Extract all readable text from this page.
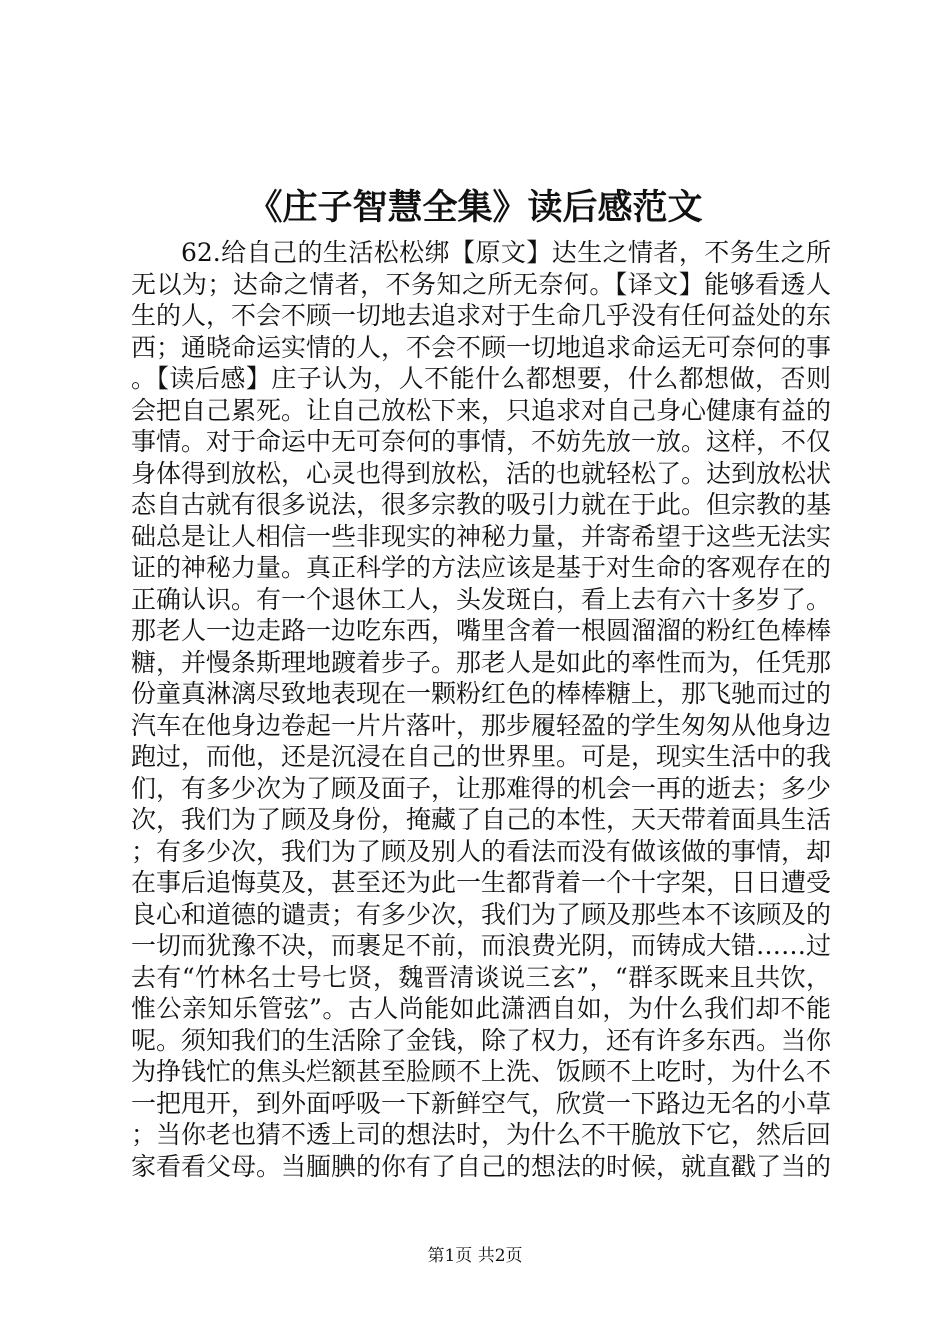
《庄子智慧全集》读后感范文

62.给自己的生活松松绑【原文】达生之情者，不务生之所无以为；达命之情者，不务知之所无奈何。【译文】能够看透人生的人，不会不顾一切地去追求对于生命几乎没有任何益处的东西；通晓命运实情的人，不会不顾一切地追求命运无可奈何的事。【读后感】庄子认为，人不能什么都想要，什么都想做，否则会把自己累死。让自己放松下来，只追求对自己身心健康有益的事情。对于命运中无可奈何的事情，不妨先放一放。这样，不仅身体得到放松，心灵也得到放松，活的也就轻松了。达到放松状态自古就有很多说法，很多宗教的吸引力就在于此。但宗教的基础总是让人相信一些非现实的神秘力量，并寄希望于这些无法实证的神秘力量。真正科学的方法应该是基于对生命的客观存在的正确认识。有一个退休工人，头发斑白，看上去有六十多岁了。那老人一边走路一边吃东西，嘴里含着一根圆溜溜的粉红色棒棒糖，并慢条斯理地踱着步子。那老人是如此的率性而为，任凭那份童真淋漓尽致地表现在一颗粉红色的棒棒糖上，那飞驰而过的汽车在他身边卷起一片片落叶，那步履轻盈的学生匆匆从他身边跑过，而他，还是沉浸在自己的世界里。可是，现实生活中的我们，有多少次为了顾及面子，让那难得的机会一再的逝去；多少次，我们为了顾及身份，掩藏了自己的本性，天天带着面具生活；有多少次，我们为了顾及别人的看法而没有做该做的事情，却在事后追悔莫及，甚至还为此一生都背着一个十字架，日日遭受良心和道德的谴责；有多少次，我们为了顾及那些本不该顾及的一切而犹豫不决，而裹足不前，而浪费光阴，而铸成大错……过去有“竹林名士号七贤，魏晋清谈说三玄”，“群豕既来且共饮，惟公亲知乐管弦”。古人尚能如此潇洒自如，为什么我们却不能呢。须知我们的生活除了金钱，除了权力，还有许多东西。当你为挣钱忙的焦头烂额甚至脸顾不上洗、饭顾不上吃时，为什么不一把甩开，到外面呼吸一下新鲜空气，欣赏一下路边无名的小草；当你老也猜不透上司的想法时，为什么不干脆放下它，然后回家看看父母。当腼腆的你有了自己的想法的时候，就直戳了当的

第1页 共2页
